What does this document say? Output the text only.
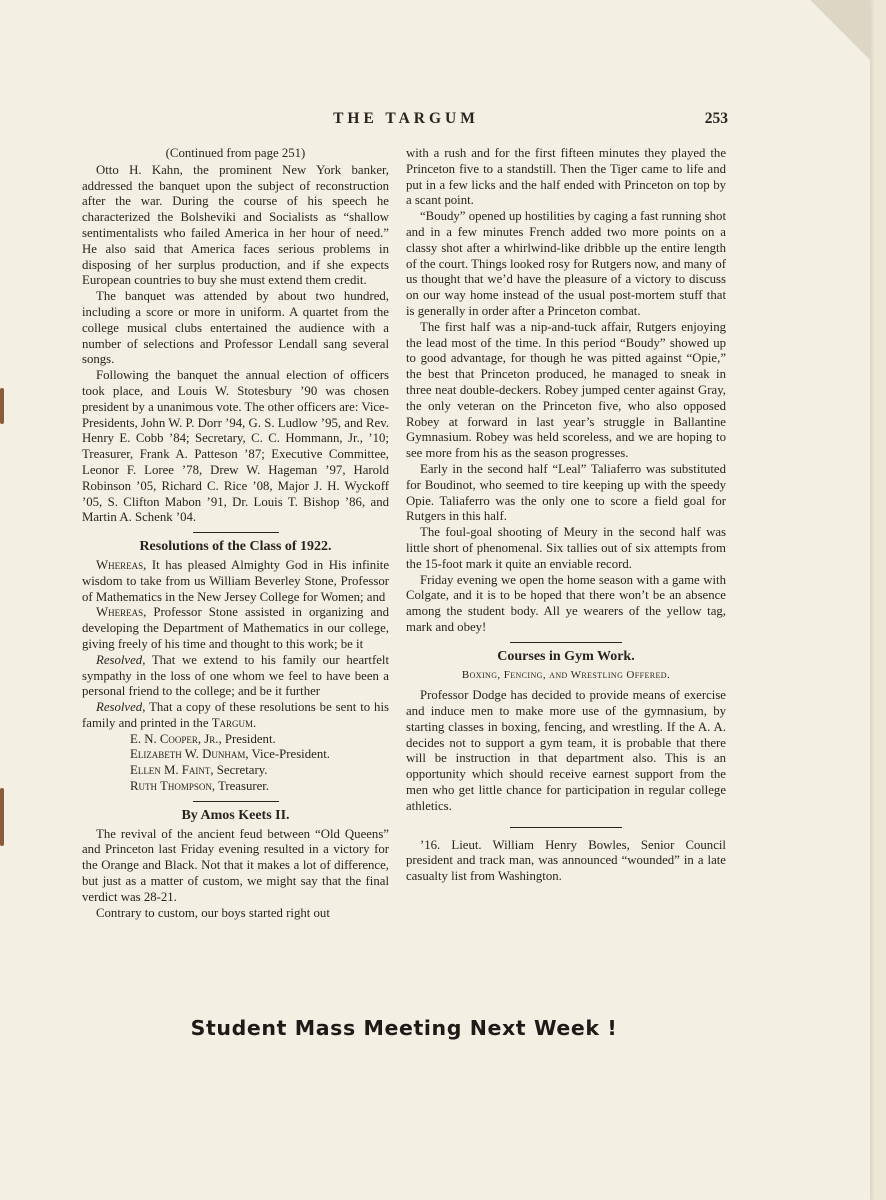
THE TARGUM	253
(Continued from page 251)

Otto H. Kahn, the prominent New York banker, addressed the banquet upon the subject of reconstruction after the war. During the course of his speech he characterized the Bolsheviki and Socialists as “shallow sentimentalists who failed America in her hour of need.” He also said that America faces serious problems in disposing of her surplus production, and if she expects European countries to buy she must extend them credit.

The banquet was attended by about two hundred, including a score or more in uniform. A quartet from the college musical clubs entertained the audience with a number of selections and Professor Lendall sang several songs.

Following the banquet the annual election of officers took place, and Louis W. Stotesbury ’90 was chosen president by a unanimous vote. The other officers are: Vice-Presidents, John W. P. Dorr ’94, G. S. Ludlow ’95, and Rev. Henry E. Cobb ’84; Secretary, C. C. Hommann, Jr., ’10; Treasurer, Frank A. Patteson ’87; Executive Committee, Leonor F. Loree ’78, Drew W. Hageman ’97, Harold Robinson ’05, Richard C. Rice ’08, Major J. H. Wyckoff ’05, S. Clifton Mabon ’91, Dr. Louis T. Bishop ’86, and Martin A. Schenk ’04.

Resolutions of the Class of 1922.

Whereas, It has pleased Almighty God in His infinite wisdom to take from us William Beverley Stone, Professor of Mathematics in the New Jersey College for Women; and

Whereas, Professor Stone assisted in organizing and developing the Department of Mathematics in our college, giving freely of his time and thought to this work; be it

Resolved, That we extend to his family our heartfelt sympathy in the loss of one whom we feel to have been a personal friend to the college; and be it further

Resolved, That a copy of these resolutions be sent to his family and printed in the Targum.

E. N. Cooper, Jr., President.
Elizabeth W. Dunham, Vice-President.
Ellen M. Faint, Secretary.
Ruth Thompson, Treasurer.
By Amos Keets II.

The revival of the ancient feud between “Old Queens” and Princeton last Friday evening resulted in a victory for the Orange and Black. Not that it makes a lot of difference, but just as a matter of custom, we might say that the final verdict was 28-21.

Contrary to custom, our boys started right out

with a rush and for the first fifteen minutes they played the Princeton five to a standstill. Then the Tiger came to life and put in a few licks and the half ended with Princeton on top by a scant point.

“Boudy” opened up hostilities by caging a fast running shot and in a few minutes French added two more points on a classy shot after a whirlwind-like dribble up the entire length of the court. Things looked rosy for Rutgers now, and many of us thought that we’d have the pleasure of a victory to discuss on our way home instead of the usual post-mortem stuff that is generally in order after a Princeton combat.

The first half was a nip-and-tuck affair, Rutgers enjoying the lead most of the time. In this period “Boudy” showed up to good advantage, for though he was pitted against “Opie,” the best that Princeton produced, he managed to sneak in three neat double-deckers. Robey jumped center against Gray, the only veteran on the Princeton five, who also opposed Robey at forward in last year’s struggle in Ballantine Gymnasium. Robey was held scoreless, and we are hoping to see more from his as the season progresses.

Early in the second half “Leal” Taliaferro was substituted for Boudinot, who seemed to tire keeping up with the speedy Opie. Taliaferro was the only one to score a field goal for Rutgers in this half.

The foul-goal shooting of Meury in the second half was little short of phenomenal. Six tallies out of six attempts from the 15-foot mark it quite an enviable record.

Friday evening we open the home season with a game with Colgate, and it is to be hoped that there won’t be an absence among the student body. All ye wearers of the yellow tag, mark and obey!

Courses in Gym Work.
Boxing, Fencing, and Wrestling Offered.

Professor Dodge has decided to provide means of exercise and induce men to make more use of the gymnasium, by starting classes in boxing, fencing, and wrestling. If the A. A. decides not to support a gym team, it is probable that there will be instruction in that department also. This is an opportunity which should receive earnest support from the men who get little chance for participation in regular college athletics.

’16. Lieut. William Henry Bowles, Senior Council president and track man, was announced “wounded” in a late casualty list from Washington.

Student Mass Meeting Next Week !
